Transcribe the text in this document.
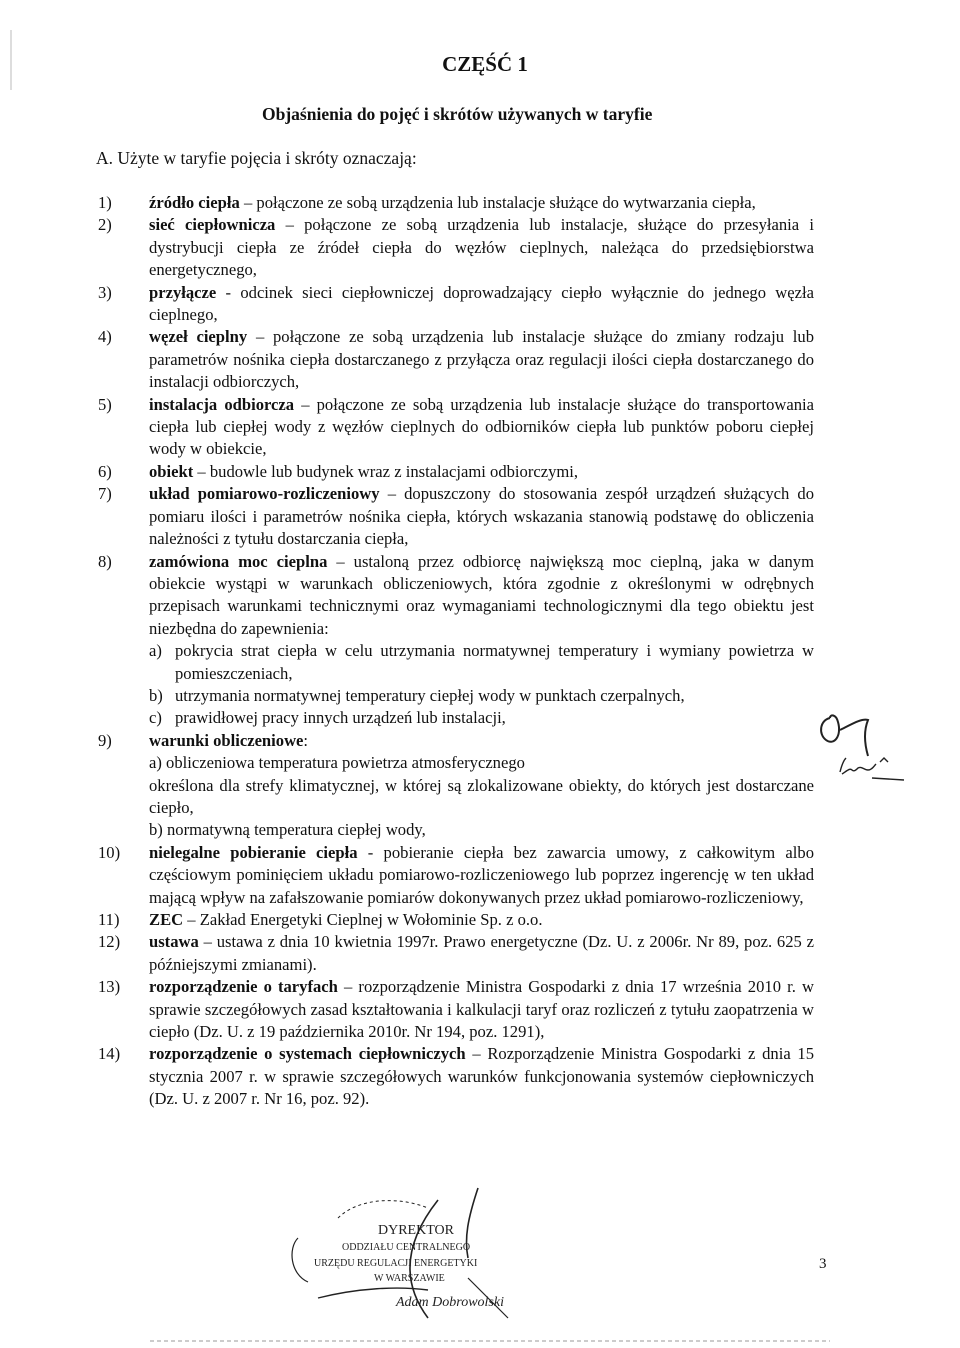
CZĘŚĆ 1
Objaśnienia do pojęć i skrótów używanych w taryfie
A. Użyte w taryfie pojęcia i skróty oznaczają:
1)	źródło ciepła – połączone ze sobą urządzenia lub instalacje służące do wytwarzania ciepła,
2)	sieć ciepłownicza – połączone ze sobą urządzenia lub instalacje, służące do przesyłania i dystrybucji ciepła ze źródeł ciepła do węzłów cieplnych, należąca do przedsiębiorstwa energetycznego,
3)	przyłącze - odcinek sieci ciepłowniczej doprowadzający ciepło wyłącznie do jednego węzła cieplnego,
4)	węzeł cieplny – połączone ze sobą urządzenia lub instalacje służące do zmiany rodzaju lub parametrów nośnika ciepła dostarczanego z przyłącza oraz regulacji ilości ciepła dostarczanego do instalacji odbiorczych,
5)	instalacja odbiorcza – połączone ze sobą urządzenia lub instalacje służące do transportowania ciepła lub ciepłej wody z węzłów cieplnych do odbiorników ciepła lub punktów poboru ciepłej wody w obiekcie,
6)	obiekt – budowle lub budynek wraz z instalacjami odbiorczymi,
7)	układ pomiarowo-rozliczeniowy – dopuszczony do stosowania zespół urządzeń służących do pomiaru ilości i parametrów nośnika ciepła, których wskazania stanowią podstawę do obliczenia należności z tytułu dostarczania ciepła,
8)	zamówiona moc cieplna – ustaloną przez odbiorcę największą moc cieplną, jaka w danym obiekcie wystąpi w warunkach obliczeniowych, która zgodnie z określonymi w odrębnych przepisach warunkami technicznymi oraz wymaganiami technologicznymi dla tego obiektu jest niezbędna do zapewnienia:
a) pokrycia strat ciepła w celu utrzymania normatywnej temperatury i wymiany powietrza w pomieszczeniach,
b) utrzymania normatywnej temperatury ciepłej wody w punktach czerpalnych,
c) prawidłowej pracy innych urządzeń lub instalacji,
9)	warunki obliczeniowe:
a) obliczeniowa temperatura powietrza atmosferycznego
określona dla strefy klimatycznej, w której są zlokalizowane obiekty, do których jest dostarczane ciepło,
b) normatywną temperatura ciepłej wody,
10)	nielegalne pobieranie ciepła - pobieranie ciepła bez zawarcia umowy, z całkowitym albo częściowym pominięciem układu pomiarowo-rozliczeniowego lub poprzez ingerencję w ten układ mającą wpływ na zafałszowanie pomiarów dokonywanych przez układ pomiarowo-rozliczeniowy,
11)	ZEC – Zakład Energetyki Cieplnej w Wołominie Sp. z o.o.
12)	ustawa – ustawa z dnia 10 kwietnia 1997r. Prawo energetyczne (Dz. U. z 2006r. Nr 89, poz. 625 z późniejszymi zmianami).
13)	rozporządzenie o taryfach – rozporządzenie Ministra Gospodarki z dnia 17 września 2010 r. w sprawie szczegółowych zasad kształtowania i kalkulacji taryf oraz rozliczeń z tytułu zaopatrzenia w ciepło (Dz. U. z 19 października 2010r. Nr 194, poz. 1291),
14)	rozporządzenie o systemach ciepłowniczych – Rozporządzenie Ministra Gospodarki z dnia 15 stycznia 2007 r. w sprawie szczegółowych warunków funkcjonowania systemów ciepłowniczych (Dz. U. z 2007 r. Nr 16, poz. 92).
DYREKTOR
ODDZIAŁU CENTRALNEGO
URZĘDU REGULACJI ENERGETYKI
W WARSZAWIE
Adam Dobrowolski
3
